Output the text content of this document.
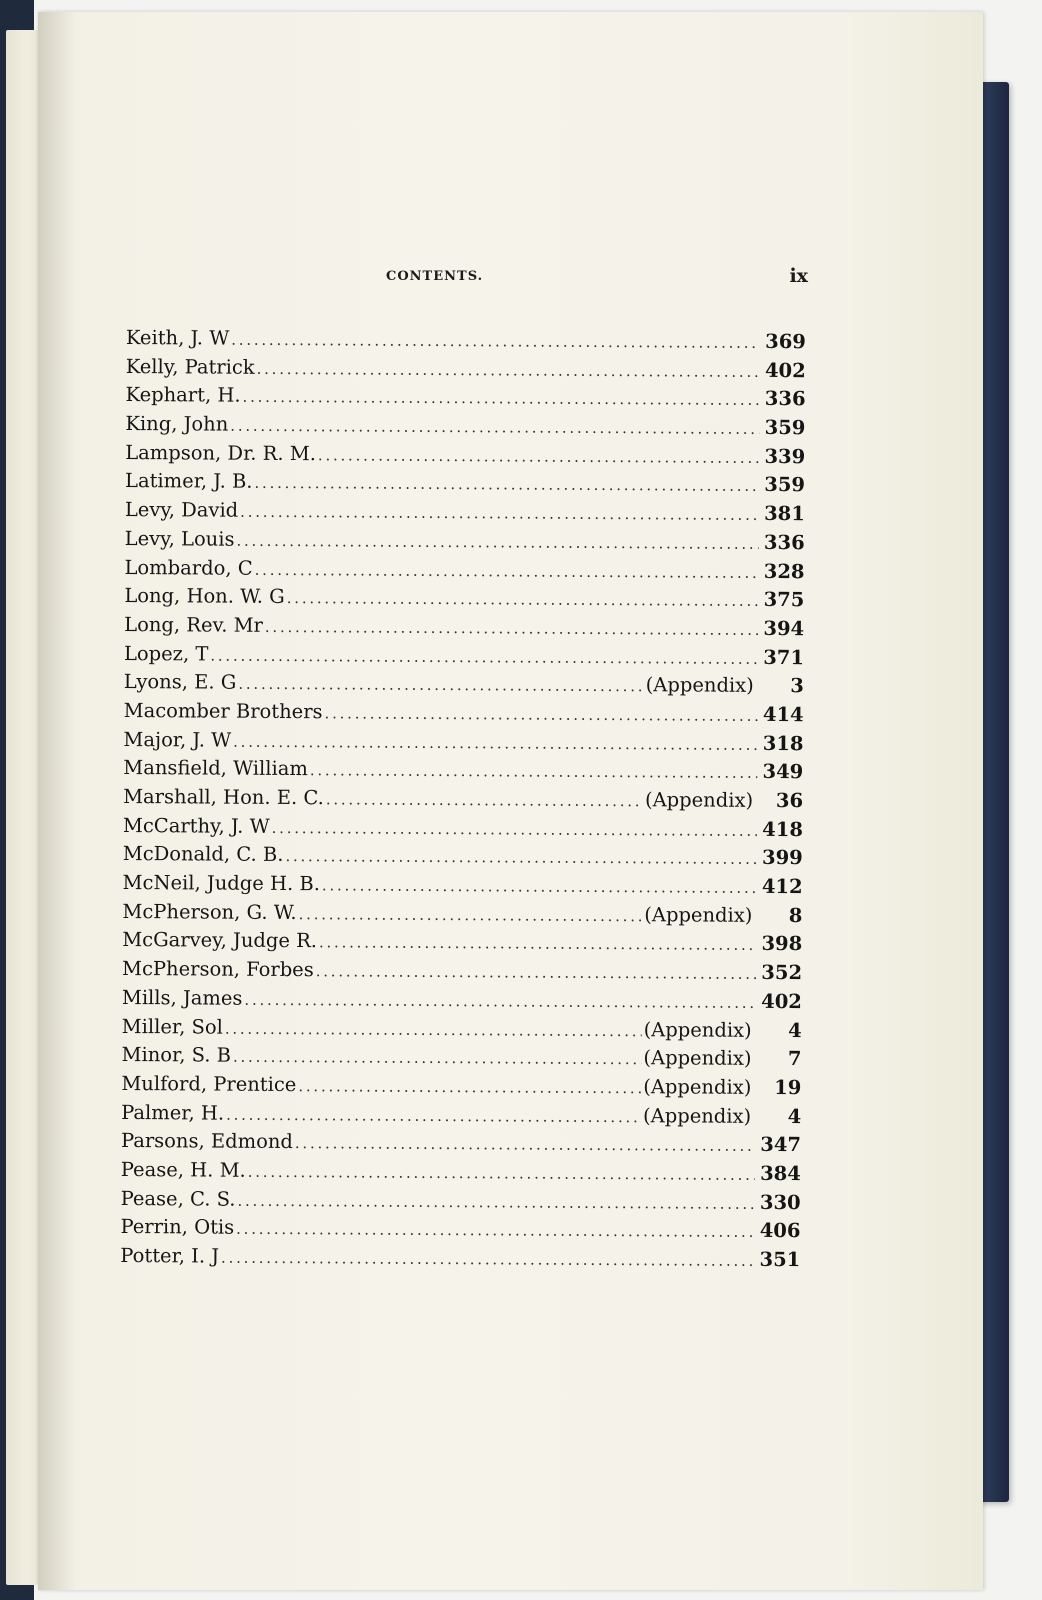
CONTENTS.	ix
Keith, J. W . . .	369
Kelly, Patrick . . .	402
Kephart, H. . . .	336
King, John . . .	359
Lampson, Dr. R. M. . . .	339
Latimer, J. B. . . .	359
Levy, David . . .	381
Levy, Louis . . .	336
Lombardo, C . . .	328
Long, Hon. W. G . . .	375
Long, Rev. Mr . . .	394
Lopez, T . . .	371
Lyons, E. G . . .	(Appendix)	3
Macomber Brothers . . .	414
Major, J. W . . .	318
Mansfield, William . . .	349
Marshall, Hon. E. C. . . .	(Appendix)	36
McCarthy, J. W . . .	418
McDonald, C. B. . . .	399
McNeil, Judge H. B. . . .	412
McPherson, G. W. . . .	(Appendix)	8
McGarvey, Judge R. . . .	398
McPherson, Forbes . . .	352
Mills, James . . .	402
Miller, Sol . . .	(Appendix)	4
Minor, S. B . . .	(Appendix)	7
Mulford, Prentice . . .	(Appendix)	19
Palmer, H. . . .	(Appendix)	4
Parsons, Edmond . . .	347
Pease, H. M. . . .	384
Pease, C. S. . . .	330
Perrin, Otis . . .	406
Potter, I. J . . .	351
